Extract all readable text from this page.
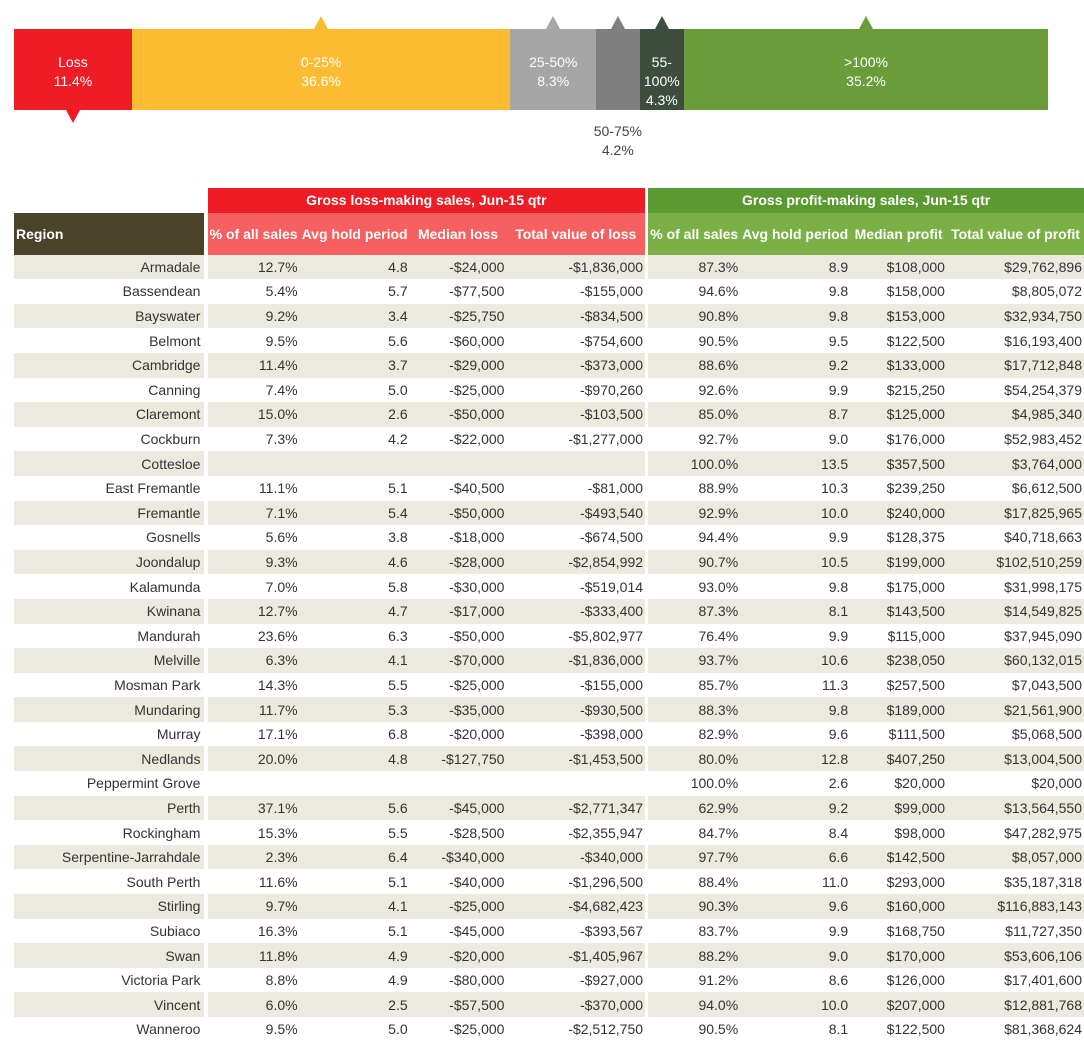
Loss
11.4%
0-25%
36.6%
25-50%
8.3%
55-100%
4.3%
>100%
35.2%
50-75%
4.2%
		Gross loss-making sales, Jun-15 qtr					Gross profit-making sales, Jun-15 qtr			
Region		% of all sales	Avg hold period	Median loss	Total value of loss		% of all sales	Avg hold period	Median profit	Total value of profit
Armadale		12.7%	4.8	-$24,000	-$1,836,000		87.3%	8.9	$108,000	$29,762,896
Bassendean		5.4%	5.7	-$77,500	-$155,000		94.6%	9.8	$158,000	$8,805,072
Bayswater		9.2%	3.4	-$25,750	-$834,500		90.8%	9.8	$153,000	$32,934,750
Belmont		9.5%	5.6	-$60,000	-$754,600		90.5%	9.5	$122,500	$16,193,400
Cambridge		11.4%	3.7	-$29,000	-$373,000		88.6%	9.2	$133,000	$17,712,848
Canning		7.4%	5.0	-$25,000	-$970,260		92.6%	9.9	$215,250	$54,254,379
Claremont		15.0%	2.6	-$50,000	-$103,500		85.0%	8.7	$125,000	$4,985,340
Cockburn		7.3%	4.2	-$22,000	-$1,277,000		92.7%	9.0	$176,000	$52,983,452
Cottesloe							100.0%	13.5	$357,500	$3,764,000
East Fremantle		11.1%	5.1	-$40,500	-$81,000		88.9%	10.3	$239,250	$6,612,500
Fremantle		7.1%	5.4	-$50,000	-$493,540		92.9%	10.0	$240,000	$17,825,965
Gosnells		5.6%	3.8	-$18,000	-$674,500		94.4%	9.9	$128,375	$40,718,663
Joondalup		9.3%	4.6	-$28,000	-$2,854,992		90.7%	10.5	$199,000	$102,510,259
Kalamunda		7.0%	5.8	-$30,000	-$519,014		93.0%	9.8	$175,000	$31,998,175
Kwinana		12.7%	4.7	-$17,000	-$333,400		87.3%	8.1	$143,500	$14,549,825
Mandurah		23.6%	6.3	-$50,000	-$5,802,977		76.4%	9.9	$115,000	$37,945,090
Melville		6.3%	4.1	-$70,000	-$1,836,000		93.7%	10.6	$238,050	$60,132,015
Mosman Park		14.3%	5.5	-$25,000	-$155,000		85.7%	11.3	$257,500	$7,043,500
Mundaring		11.7%	5.3	-$35,000	-$930,500		88.3%	9.8	$189,000	$21,561,900
Murray		17.1%	6.8	-$20,000	-$398,000		82.9%	9.6	$111,500	$5,068,500
Nedlands		20.0%	4.8	-$127,750	-$1,453,500		80.0%	12.8	$407,250	$13,004,500
Peppermint Grove							100.0%	2.6	$20,000	$20,000
Perth		37.1%	5.6	-$45,000	-$2,771,347		62.9%	9.2	$99,000	$13,564,550
Rockingham		15.3%	5.5	-$28,500	-$2,355,947		84.7%	8.4	$98,000	$47,282,975
Serpentine-Jarrahdale		2.3%	6.4	-$340,000	-$340,000		97.7%	6.6	$142,500	$8,057,000
South Perth		11.6%	5.1	-$40,000	-$1,296,500		88.4%	11.0	$293,000	$35,187,318
Stirling		9.7%	4.1	-$25,000	-$4,682,423		90.3%	9.6	$160,000	$116,883,143
Subiaco		16.3%	5.1	-$45,000	-$393,567		83.7%	9.9	$168,750	$11,727,350
Swan		11.8%	4.9	-$20,000	-$1,405,967		88.2%	9.0	$170,000	$53,606,106
Victoria Park		8.8%	4.9	-$80,000	-$927,000		91.2%	8.6	$126,000	$17,401,600
Vincent		6.0%	2.5	-$57,500	-$370,000		94.0%	10.0	$207,000	$12,881,768
Wanneroo		9.5%	5.0	-$25,000	-$2,512,750		90.5%	8.1	$122,500	$81,368,624
